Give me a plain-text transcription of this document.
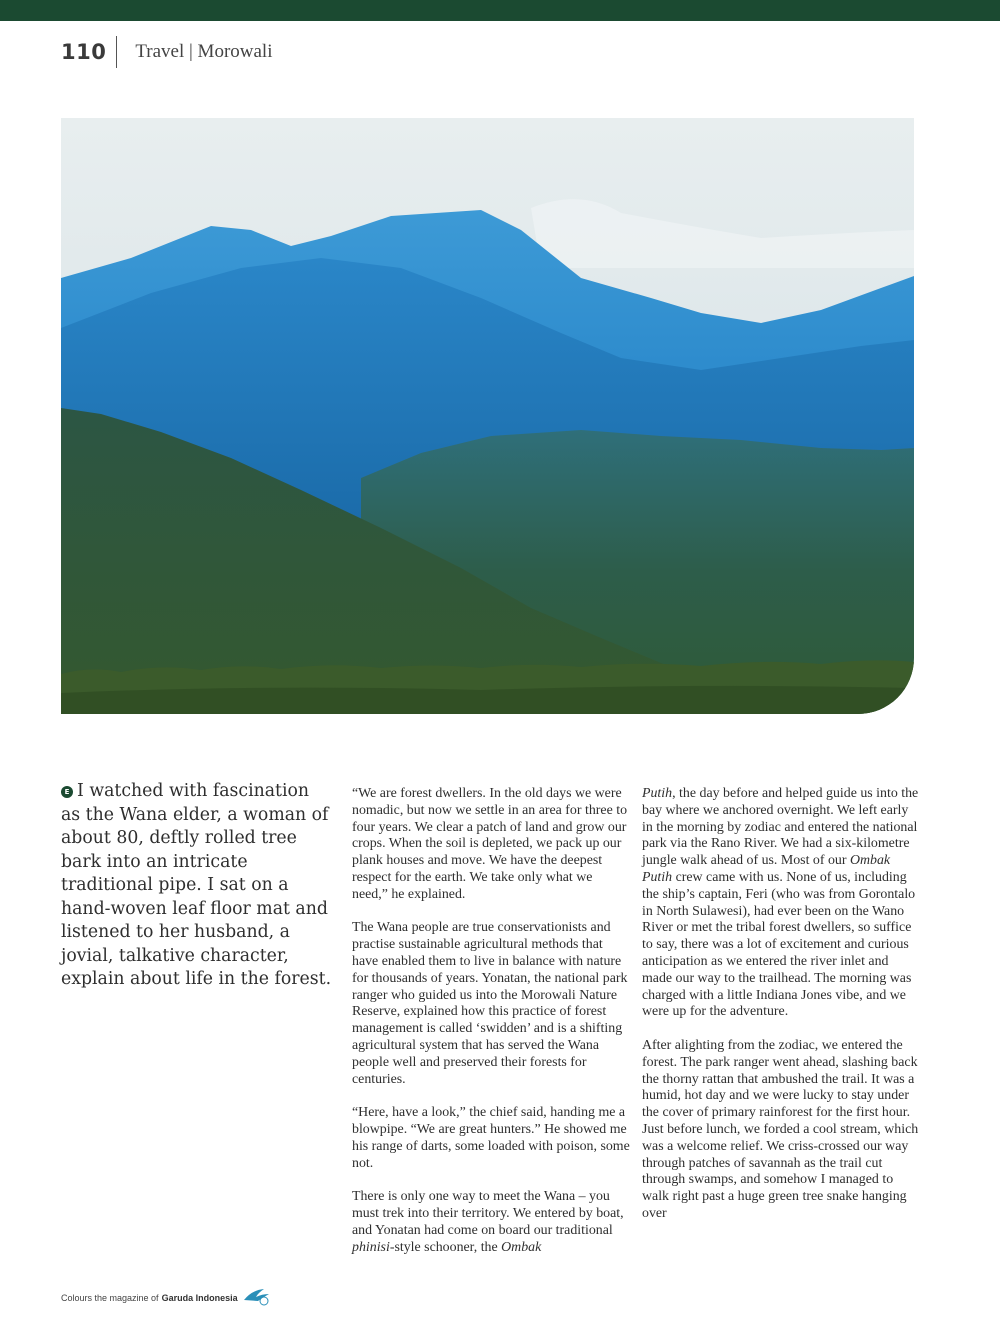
110 Travel | Morowali
E I watched with fascination as the Wana elder, a woman of about 80, deftly rolled tree bark into an intricate traditional pipe. I sat on a hand-woven leaf floor mat and listened to her husband, a jovial, talkative character, explain about life in the forest.

“We are forest dwellers. In the old days we were nomadic, but now we settle in an area for three to four years. We clear a patch of land and grow our crops. When the soil is depleted, we pack up our plank houses and move. We have the deepest respect for the earth. We take only what we need,” he explained.

The Wana people are true conservationists and practise sustainable agricultural methods that have enabled them to live in balance with nature for thousands of years. Yonatan, the national park ranger who guided us into the Morowali Nature Reserve, explained how this practice of forest management is called ‘swidden’ and is a shifting agricultural system that has served the Wana people well and preserved their forests for centuries.

“Here, have a look,” the chief said, handing me a blowpipe. “We are great hunters.” He showed me his range of darts, some loaded with poison, some not.

There is only one way to meet the Wana – you must trek into their territory. We entered by boat, and Yonatan had come on board our traditional phinisi-style schooner, the Ombak

Putih, the day before and helped guide us into the bay where we anchored overnight. We left early in the morning by zodiac and entered the national park via the Rano River. We had a six-kilometre jungle walk ahead of us. Most of our Ombak Putih crew came with us. None of us, including the ship’s captain, Feri (who was from Gorontalo in North Sulawesi), had ever been on the Wano River or met the tribal forest dwellers, so suffice to say, there was a lot of excitement and curious anticipation as we entered the river inlet and made our way to the trailhead. The morning was charged with a little Indiana Jones vibe, and we were up for the adventure.

After alighting from the zodiac, we entered the forest. The park ranger went ahead, slashing back the thorny rattan that ambushed the trail. It was a humid, hot day and we were lucky to stay under the cover of primary rainforest for the first hour. Just before lunch, we forded a cool stream, which was a welcome relief. We criss-crossed our way through patches of savannah as the trail cut through swamps, and somehow I managed to walk right past a huge green tree snake hanging over

Colours the magazine of Garuda Indonesia
